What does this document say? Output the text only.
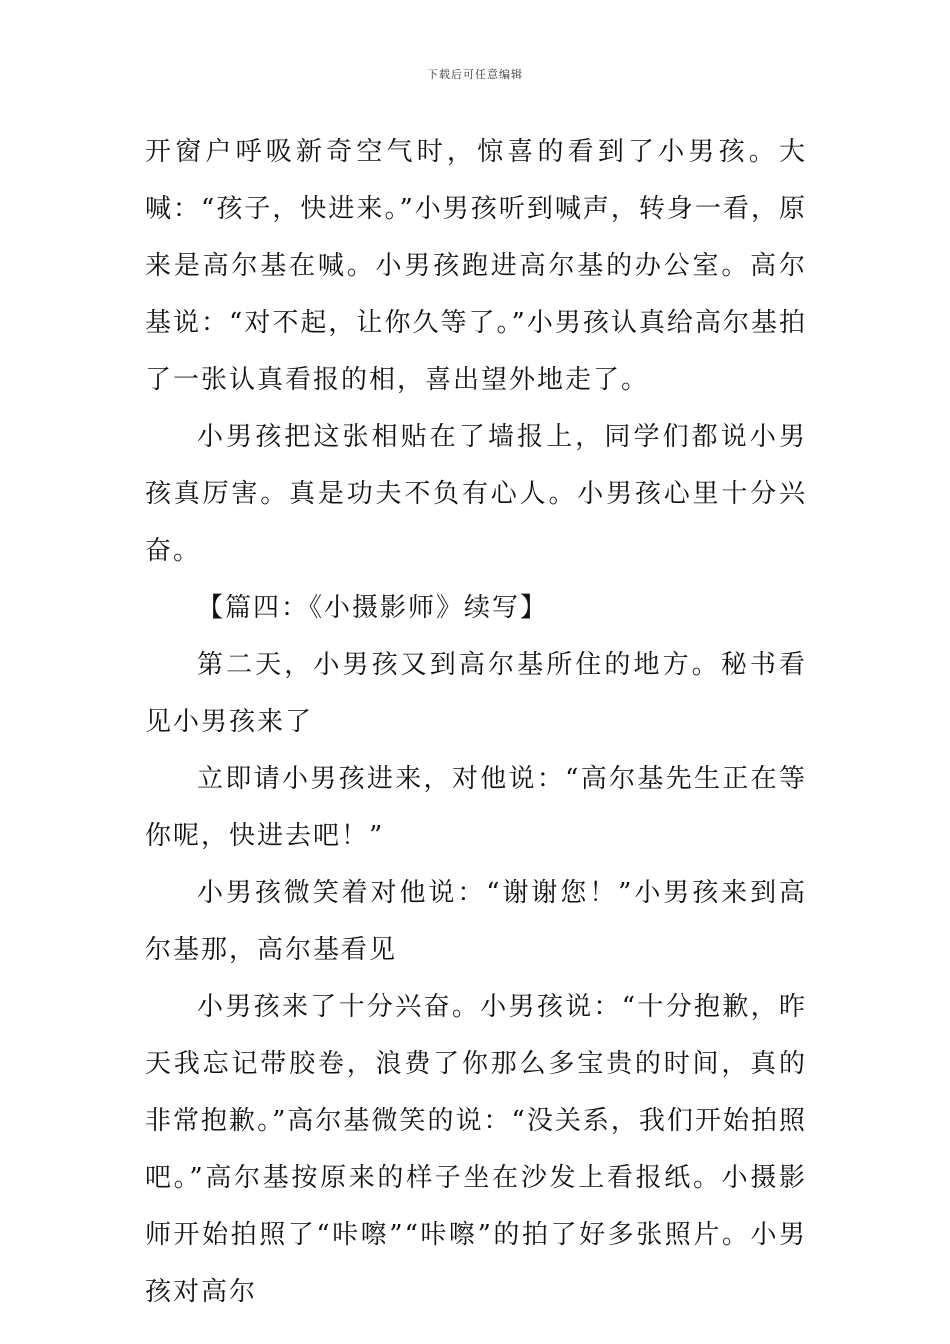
下载后可任意编辑

开窗户呼吸新奇空气时，惊喜的看到了小男孩。大喊：“孩子，快进来。”小男孩听到喊声，转身一看，原来是高尔基在喊。小男孩跑进高尔基的办公室。高尔基说：“对不起，让你久等了。”小男孩认真给高尔基拍了一张认真看报的相，喜出望外地走了。

小男孩把这张相贴在了墙报上，同学们都说小男孩真厉害。真是功夫不负有心人。小男孩心里十分兴奋。

【篇四：《小摄影师》续写】

第二天，小男孩又到高尔基所住的地方。秘书看见小男孩来了

立即请小男孩进来，对他说：“高尔基先生正在等你呢，快进去吧！”

小男孩微笑着对他说：“谢谢您！”小男孩来到高尔基那，高尔基看见

小男孩来了十分兴奋。小男孩说：“十分抱歉，昨天我忘记带胶卷，浪费了你那么多宝贵的时间，真的非常抱歉。”高尔基微笑的说：“没关系，我们开始拍照吧。”高尔基按原来的样子坐在沙发上看报纸。小摄影师开始拍照了“咔嚓”“咔嚓”的拍了好多张照片。小男孩对高尔
